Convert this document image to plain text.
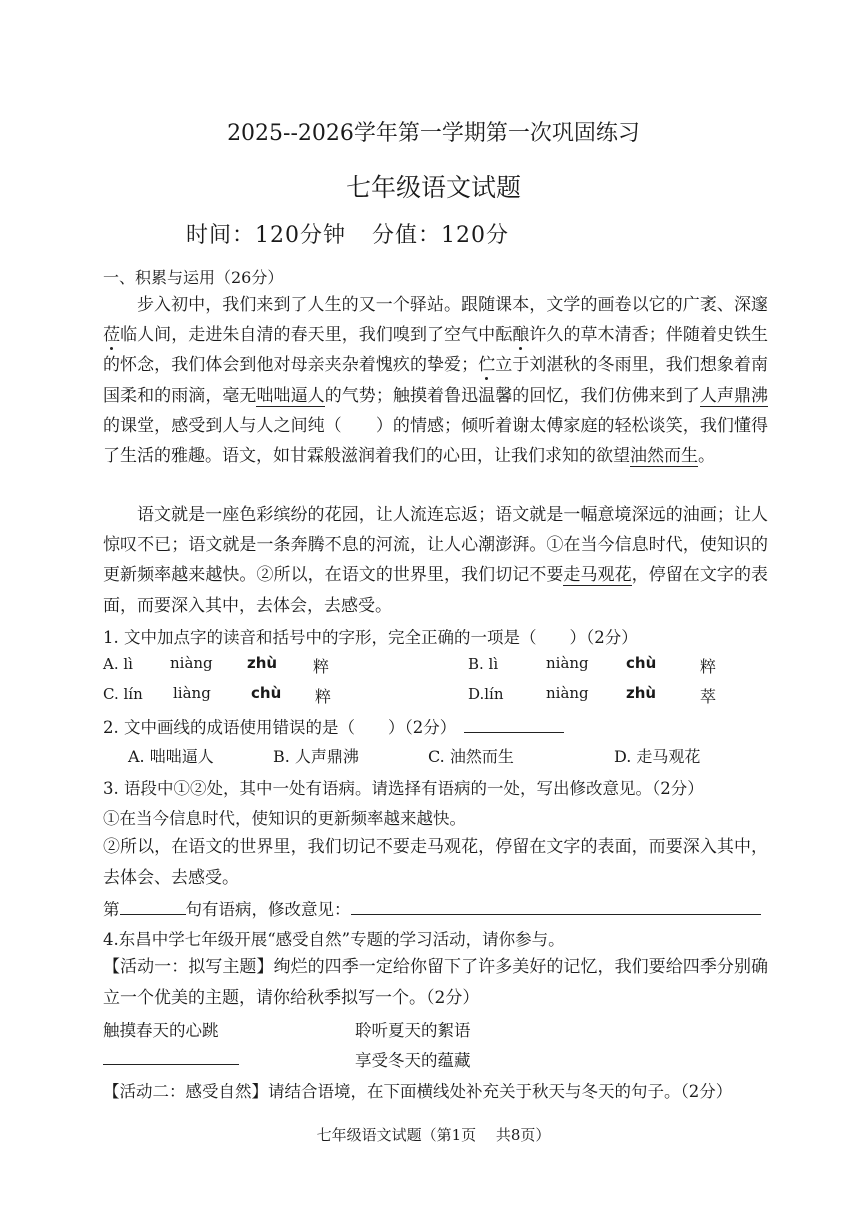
2025--2026学年第一学期第一次巩固练习
七年级语文试题
时间：120分钟 分值：120分
一、积累与运用（26分）
步入初中，我们来到了人生的又一个驿站。跟随课本，文学的画卷以它的广袤、深邃莅临人间，走进朱自清的春天里，我们嗅到了空气中酝酿许久的草木清香；伴随着史铁生的怀念，我们体会到他对母亲夹杂着愧疚的挚爱；伫立于刘湛秋的冬雨里，我们想象着南国柔和的雨滴，毫无咄咄逼人的气势；触摸着鲁迅温馨的回忆，我们仿佛来到了人声鼎沸的课堂，感受到人与人之间纯（　　）的情感；倾听着谢太傅家庭的轻松谈笑，我们懂得了生活的雅趣。语文，如甘霖般滋润着我们的心田，让我们求知的欲望油然而生。
语文就是一座色彩缤纷的花园，让人流连忘返；语文就是一幅意境深远的油画；让人惊叹不已；语文就是一条奔腾不息的河流，让人心潮澎湃。①在当今信息时代，使知识的更新频率越来越快。②所以，在语文的世界里，我们切记不要走马观花，停留在文字的表面，而要深入其中，去体会，去感受。
1. 文中加点字的读音和括号中的字形，完全正确的一项是（　　）（2分）
A. lì niàng zhù 粹	B. lì	niàng chù	粹
C. lín liàng	chù 粹	D.lín	niàng zhù	萃
2. 文中画线的成语使用错误的是（　　）（2分）
A. 咄咄逼人	B. 人声鼎沸	C. 油然而生	D. 走马观花
3. 语段中①②处，其中一处有语病。请选择有语病的一处，写出修改意见。（2分）
①在当今信息时代，使知识的更新频率越来越快。
②所以，在语文的世界里，我们切记不要走马观花，停留在文字的表面，而要深入其中，去体会、去感受。
第	句有语病，修改意见：
4.东昌中学七年级开展“感受自然”专题的学习活动，请你参与。
【活动一：拟写主题】绚烂的四季一定给你留下了许多美好的记忆，我们要给四季分别确立一个优美的主题，请你给秋季拟写一个。（2分）
触摸春天的心跳	聆听夏天的絮语
享受冬天的蕴藏
【活动二：感受自然】请结合语境，在下面横线处补充关于秋天与冬天的句子。（2分）
七年级语文试题（第1页　 共8页）
